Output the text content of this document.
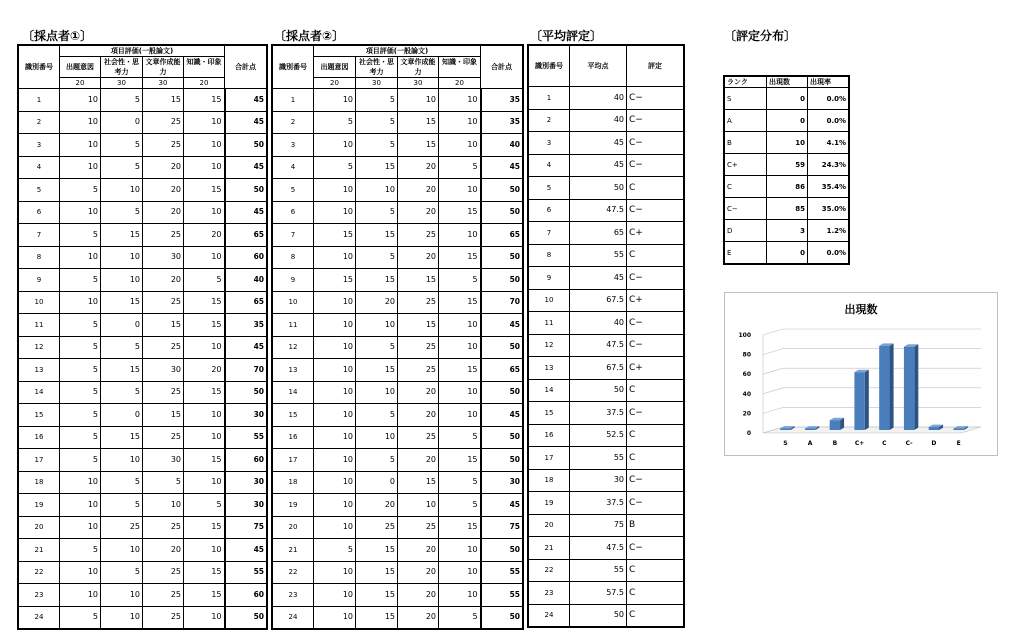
〔採点者①〕	〔採点者②〕	〔平均評定〕	〔評定分布〕
識別番号	項目評価(一般論文)				合計点
	出題意図	社会性・思考力	文章作成能力	知識・印象	
	20	30	30	20	
1	10	5	15	15	45
2	10	0	25	10	45
3	10	5	25	10	50
4	10	5	20	10	45
5	5	10	20	15	50
6	10	5	20	10	45
7	5	15	25	20	65
8	10	10	30	10	60
9	5	10	20	5	40
10	10	15	25	15	65
11	5	0	15	15	35
12	5	5	25	10	45
13	5	15	30	20	70
14	5	5	25	15	50
15	5	0	15	10	30
16	5	15	25	10	55
17	5	10	30	15	60
18	10	5	5	10	30
19	10	5	10	5	30
20	10	25	25	15	75
21	5	10	20	10	45
22	10	5	25	15	55
23	10	10	25	15	60
24	5	10	25	10	50
識別番号	項目評価(一般論文)				合計点
	出題意図	社会性・思考力	文章作成能力	知識・印象	
	20	30	30	20	
1	10	5	10	10	35
2	5	5	15	10	35
3	10	5	15	10	40
4	5	15	20	5	45
5	10	10	20	10	50
6	10	5	20	15	50
7	15	15	25	10	65
8	10	5	20	15	50
9	15	15	15	5	50
10	10	20	25	15	70
11	10	10	15	10	45
12	10	5	25	10	50
13	10	15	25	15	65
14	10	10	20	10	50
15	10	5	20	10	45
16	10	10	25	5	50
17	10	5	20	15	50
18	10	0	15	5	30
19	10	20	10	5	45
20	10	25	25	15	75
21	5	15	20	10	50
22	10	15	20	10	55
23	10	15	20	10	55
24	10	15	20	5	50
識別番号	平均点	評定
1	40	C−
2	40	C−
3	45	C−
4	45	C−
5	50	C
6	47.5	C−
7	65	C+
8	55	C
9	45	C−
10	67.5	C+
11	40	C−
12	47.5	C−
13	67.5	C+
14	50	C
15	37.5	C−
16	52.5	C
17	55	C
18	30	C−
19	37.5	C−
20	75	B
21	47.5	C−
22	55	C
23	57.5	C
24	50	C
ランク	出現数	出現率
S	0	0.0%
A	0	0.0%
B	10	4.1%
C+	59	24.3%
C	86	35.4%
C−	85	35.0%
D	3	1.2%
E	0	0.0%
出現数
0
20
40
60
80
100
S	A	B	C+	C	C-	D	E
